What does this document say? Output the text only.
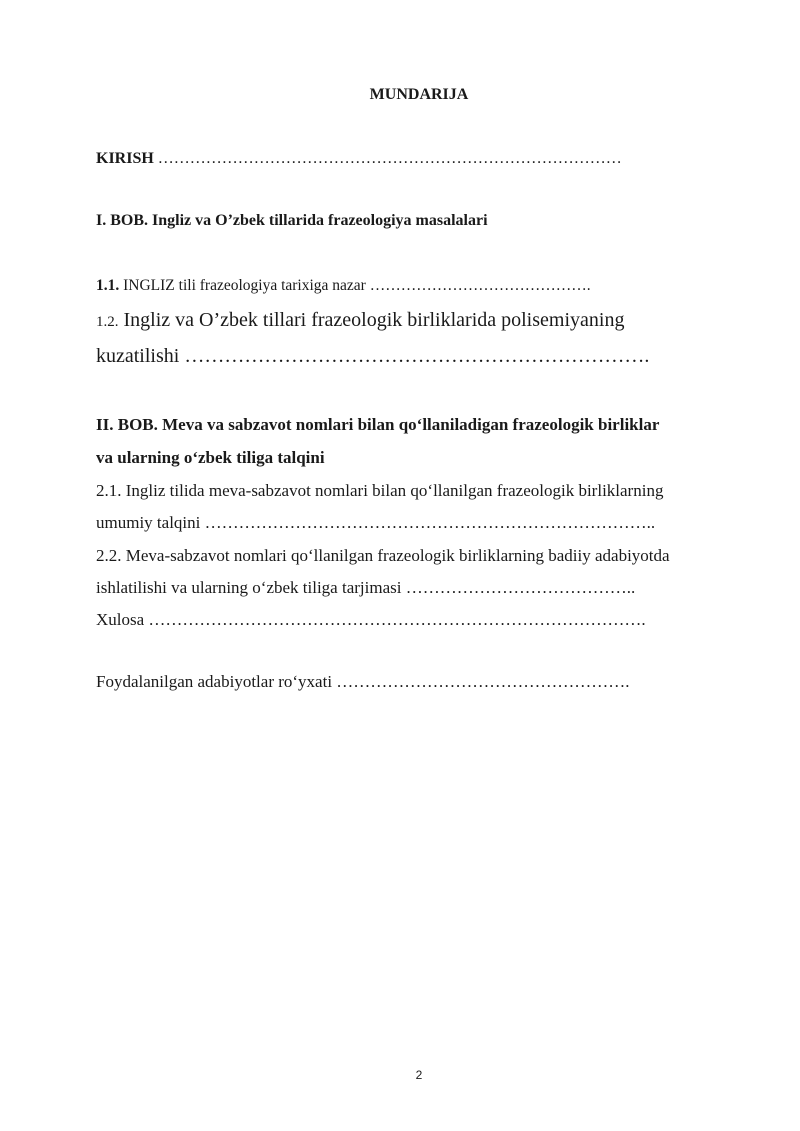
MUNDARIJA
KIRISH ……………………………………………………………………………
I. BOB. Ingliz va O’zbek tillarida frazeologiya masalalari
1.1. INGLIZ tili frazeologiya tarixiga nazar …………………………………….
1.2. Ingliz va O’zbek tillari frazeologik birliklarida polisemiyaning
kuzatilishi …………………………………………………………….
II. BOB. Meva va sabzavot nomlari bilan qo‘llaniladigan frazeologik birliklar
va ularning o‘zbek tiliga talqini
2.1. Ingliz tilida meva-sabzavot nomlari bilan qo‘llanilgan frazeologik birliklarning
umumiy talqini ……………………………………………………………………..
2.2. Meva-sabzavot nomlari qo‘llanilgan frazeologik birliklarning badiiy adabiyotda
ishlatilishi va ularning o‘zbek tiliga tarjimasi …………………………………..
Xulosa …………………………………………………………………………….
Foydalanilgan adabiyotlar ro‘yxati …………………………………………….
2
